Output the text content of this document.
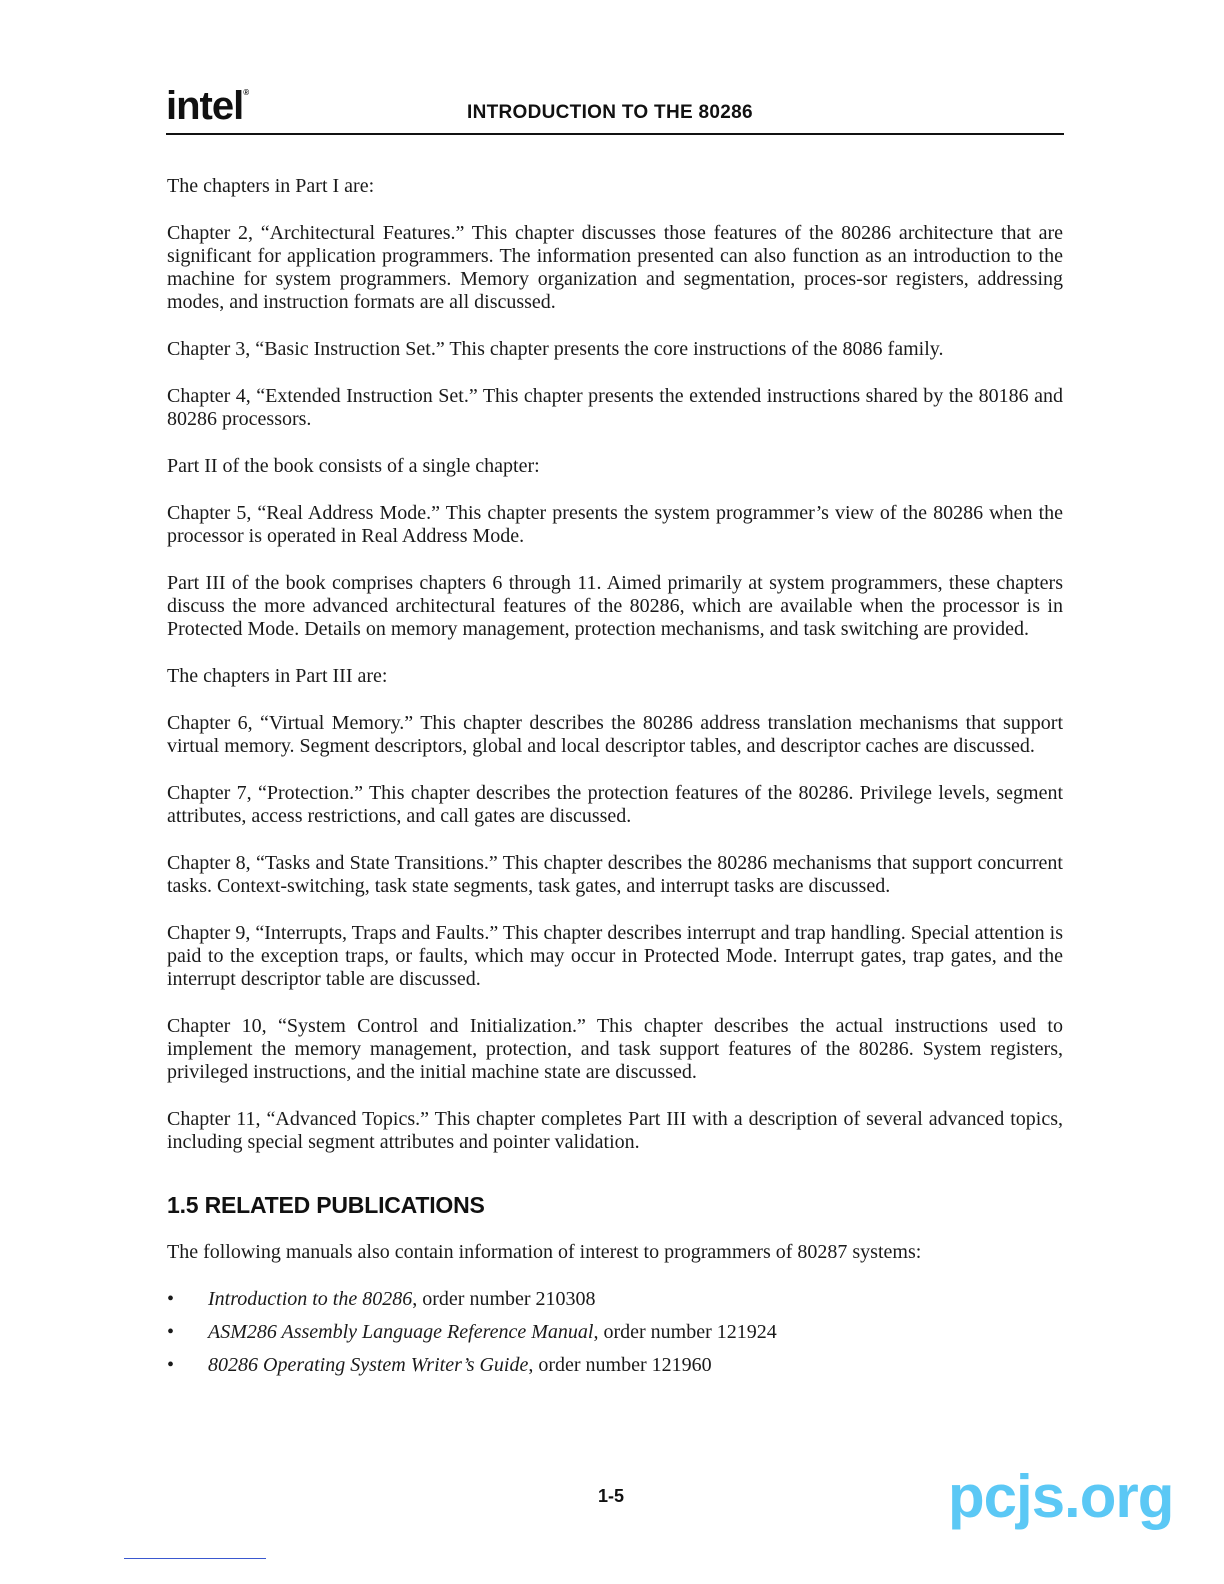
intel®
INTRODUCTION TO THE 80286

The chapters in Part I are:

Chapter 2, “Architectural Features.” This chapter discusses those features of the 80286 architecture that are significant for application programmers. The information presented can also function as an introduction to the machine for system programmers. Memory organization and segmentation, proces-sor registers, addressing modes, and instruction formats are all discussed.

Chapter 3, “Basic Instruction Set.” This chapter presents the core instructions of the 8086 family.

Chapter 4, “Extended Instruction Set.” This chapter presents the extended instructions shared by the 80186 and 80286 processors.

Part II of the book consists of a single chapter:

Chapter 5, “Real Address Mode.” This chapter presents the system programmer’s view of the 80286 when the processor is operated in Real Address Mode.

Part III of the book comprises chapters 6 through 11. Aimed primarily at system programmers, these chapters discuss the more advanced architectural features of the 80286, which are available when the processor is in Protected Mode. Details on memory management, protection mechanisms, and task switching are provided.

The chapters in Part III are:

Chapter 6, “Virtual Memory.” This chapter describes the 80286 address translation mechanisms that support virtual memory. Segment descriptors, global and local descriptor tables, and descriptor caches are discussed.

Chapter 7, “Protection.” This chapter describes the protection features of the 80286. Privilege levels, segment attributes, access restrictions, and call gates are discussed.

Chapter 8, “Tasks and State Transitions.” This chapter describes the 80286 mechanisms that support concurrent tasks. Context-switching, task state segments, task gates, and interrupt tasks are discussed.

Chapter 9, “Interrupts, Traps and Faults.” This chapter describes interrupt and trap handling. Special attention is paid to the exception traps, or faults, which may occur in Protected Mode. Interrupt gates, trap gates, and the interrupt descriptor table are discussed.

Chapter 10, “System Control and Initialization.” This chapter describes the actual instructions used to implement the memory management, protection, and task support features of the 80286. System registers, privileged instructions, and the initial machine state are discussed.

Chapter 11, “Advanced Topics.” This chapter completes Part III with a description of several advanced topics, including special segment attributes and pointer validation.

1.5 RELATED PUBLICATIONS

The following manuals also contain information of interest to programmers of 80287 systems:

• Introduction to the 80286, order number 210308
• ASM286 Assembly Language Reference Manual, order number 121924
• 80286 Operating System Writer’s Guide, order number 121960
1-5	pcjs.org
